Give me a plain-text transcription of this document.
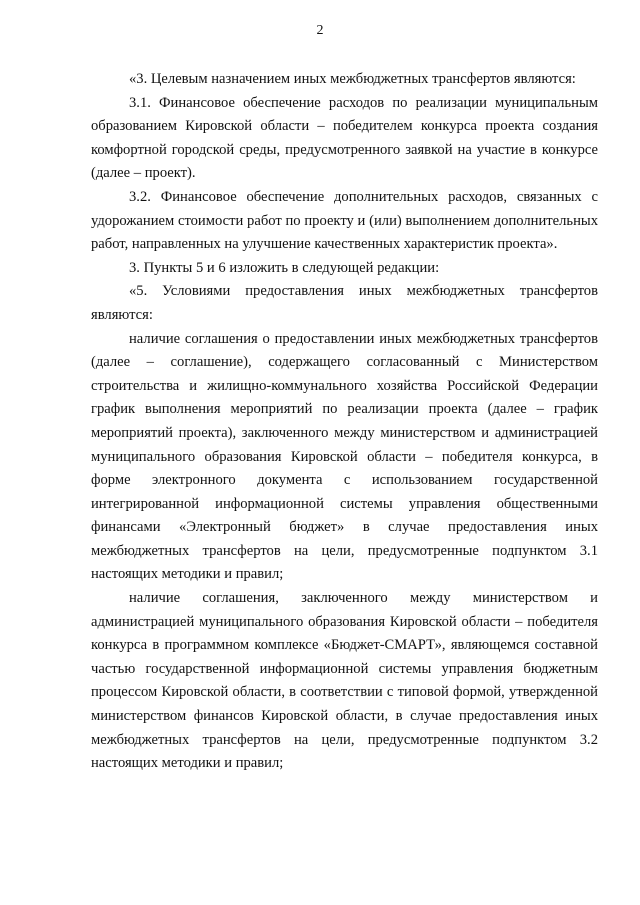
2

«3. Целевым назначением иных межбюджетных трансфертов являются:

3.1. Финансовое обеспечение расходов по реализации муниципальным образованием Кировской области – победителем конкурса проекта создания комфортной городской среды, предусмотренного заявкой на участие в конкурсе (далее – проект).

3.2. Финансовое обеспечение дополнительных расходов, связанных с удорожанием стоимости работ по проекту и (или) выполнением дополнительных работ, направленных на улучшение качественных характеристик проекта».

3. Пункты 5 и 6 изложить в следующей редакции:

«5. Условиями предоставления иных межбюджетных трансфертов являются:

наличие соглашения о предоставлении иных межбюджетных трансфертов (далее – соглашение), содержащего согласованный с Министерством строительства и жилищно-коммунального хозяйства Российской Федерации график выполнения мероприятий по реализации проекта (далее – график мероприятий проекта), заключенного между министерством и администрацией муниципального образования Кировской области – победителя конкурса, в форме электронного документа с использованием государственной интегрированной информационной системы управления общественными финансами «Электронный бюджет» в случае предоставления иных межбюджетных трансфертов на цели, предусмотренные подпунктом 3.1 настоящих методики и правил;

наличие соглашения, заключенного между министерством и администрацией муниципального образования Кировской области – победителя конкурса в программном комплексе «Бюджет-СМАРТ», являющемся составной частью государственной информационной системы управления бюджетным процессом Кировской области, в соответствии с типовой формой, утвержденной министерством финансов Кировской области, в случае предоставления иных межбюджетных трансфертов на цели, предусмотренные подпунктом 3.2 настоящих методики и правил;
